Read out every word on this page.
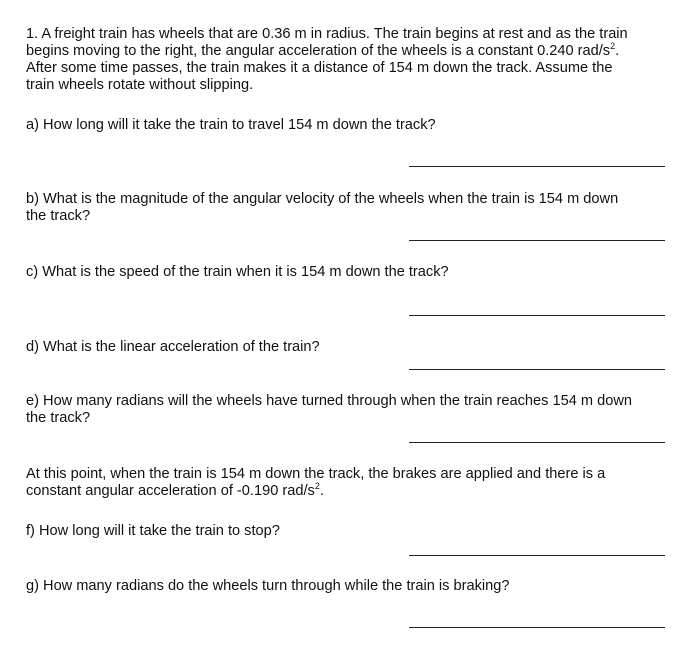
1. A freight train has wheels that are 0.36 m in radius. The train begins at rest and as the train
begins moving to the right, the angular acceleration of the wheels is a constant 0.240 rad/$s^2$.
After some time passes, the train makes it a distance of 154 m down the track. Assume the
train wheels rotate without slipping.

a) How long will it take the train to travel 154 m down the track?

b) What is the magnitude of the angular velocity of the wheels when the train is 154 m down
the track?

c) What is the speed of the train when it is 154 m down the track?

d) What is the linear acceleration of the train?

e) How many radians will the wheels have turned through when the train reaches 154 m down
the track?

At this point, when the train is 154 m down the track, the brakes are applied and there is a
constant angular acceleration of -0.190 rad/$s^2$.

f) How long will it take the train to stop?

g) How many radians do the wheels turn through while the train is braking?
